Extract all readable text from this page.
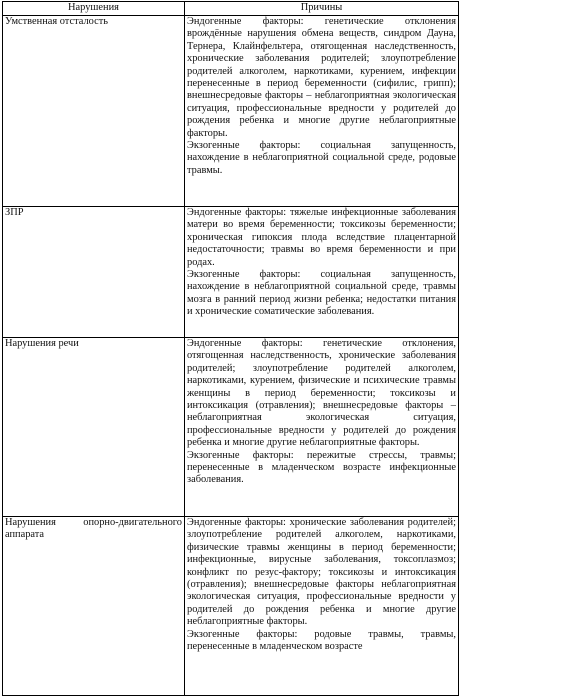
Нарушения	Причины
Умственная отсталость	Эндогенные факторы: генетические отклонения врождённые нарушения обмена веществ, синдром Дауна, Тернера, Клайнфельтера, отягощенная наследственность, хронические заболевания родителей; злоупотребление родителей алкоголем, наркотиками, курением, инфекции перенесенные в период беременности (сифилис, грипп); внешнесредовые факторы – неблагоприятная экологическая ситуация, профессиональные вредности у родителей до рождения ребенка и многие другие неблагоприятные факторы.

Экзогенные факторы: социальная запущенность, нахождение в неблагоприятной социальной среде, родовые травмы.

ЗПР	Эндогенные факторы: тяжелые инфекционные заболевания матери во время беременности; токсикозы беременности; хроническая гипоксия плода вследствие плацентарной недостаточности; травмы во время беременности и при родах.

Экзогенные факторы: социальная запущенность, нахождение в неблагоприятной социальной среде, травмы мозга в ранний период жизни ребенка; недостатки питания и хронические соматические заболевания.

Нарушения речи	Эндогенные факторы: генетические отклонения, отягощенная наследственность, хронические заболевания родителей; злоупотребление родителей алкоголем, наркотиками, курением, физические и психические травмы женщины в период беременности; токсикозы и интоксикация (отравления); внешнесредовые факторы – неблагоприятная экологическая ситуация, профессиональные вредности у родителей до рождения ребенка и многие другие неблагоприятные факторы.

Экзогенные факторы: пережитые стрессы, травмы; перенесенные в младенческом возрасте инфекционные заболевания.

Нарушения опорно-двигательного аппарата	Эндогенные факторы: хронические заболевания родителей; злоупотребление родителей алкоголем, наркотиками, физические травмы женщины в период беременности; инфекционные, вирусные заболевания, токсоплазмоз; конфликт по резус-фактору; токсикозы и интоксикация (отравления); внешнесредовые факторы неблагоприятная экологическая ситуация, профессиональные вредности у родителей до рождения ребенка и многие другие неблагоприятные факторы.

Экзогенные факторы: родовые травмы, травмы, перенесенные в младенческом возрасте
